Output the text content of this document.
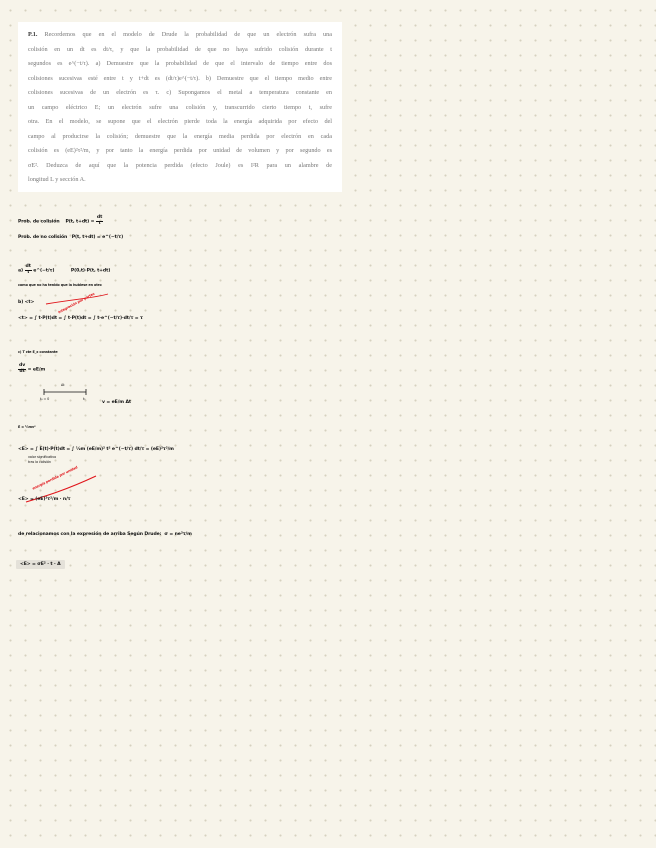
P.1. Recordemos que en el modelo de Drude la probabilidad de que un electrón sufra una
colisión en un dt es dt/τ, y que la probabilidad de que no haya sufrido colisión durante t
segundos es e^(−t/τ). a) Demuestre que la probabilidad de que el intervalo de tiempo entre dos
colisiones sucesivas esté entre t y t+dt es (dt/τ)e^(−t/τ). b) Demuestre que el tiempo medio entre
colisiones sucesivas de un electrón es τ. c) Supongamos el metal a temperatura constante en
un campo eléctrico E; un electrón sufre una colisión y, transcurrido cierto tiempo t, sufre
otra. En el modelo, se supone que el electrón pierde toda la energía adquirida por efecto del
campo al producirse la colisión; demuestre que la energía media perdida por electrón en cada
colisión es (eE)²τ²/m, y por tanto la energía perdida por unidad de volumen y por segundo es
σE². Deduzca de aquí que la potencia perdida (efecto Joule) es I²R para un alambre de
longitud L y sección A.
Prob. de colisión P(t, $t+dt) = \frac{dt}{\tau}$
Prob. de no colisión P(t, t+dt) = e^(−t/τ)
$a) \frac{dt}{\tau}$ e^(−t/τ)	P(0,t)·P(t, t+dt)
como que no ha tenido que la hubiese en otro
b) <t>
<t> = ∫ t·P(t)dt = ∫ t·P(t)dt = ∫ t·e^(−t/τ)·dt/τ = τ
integración por partes
c) T cte E_x constante
$\frac{dv}{dt} = eE/m$
Δt
t₀ = 0	t₁
v = eE/m Δt
E = ½mv²
<E> = ∫ E(t)·P(t)dt = ∫ ½m (eE/m)² t² e^(−t/τ) dt/τ = (eE)²τ²/m
valor significativo
tras la colisión
energía perdida por unidad
<E> = (eE)²τ²/m · n/τ
de relacionamos con la expresión de arriba Según Drude: σ = ne²τ/m
<E> = σE² · t · A
